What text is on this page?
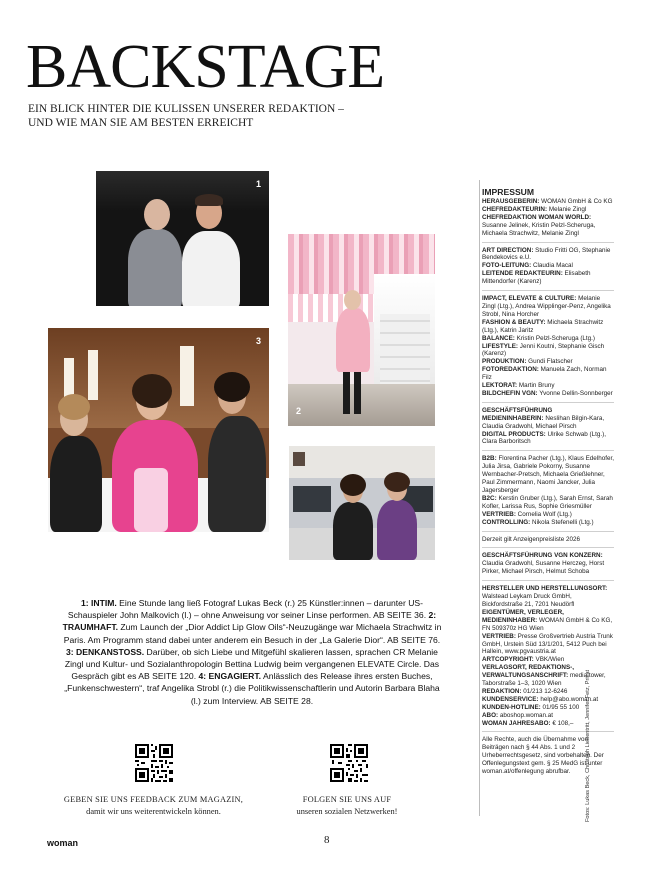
BACKSTAGE
EIN BLICK HINTER DIE KULISSEN UNSERER REDAKTION –
UND WIE MAN SIE AM BESTEN ERREICHT
1
2
3
1: INTIM. Eine Stunde lang ließ Fotograf Lukas Beck (r.) 25 Künstler:innen – darunter US-Schauspieler John Malkovich (l.) – ohne Anweisung vor seiner Linse performen. AB SEITE 36. 2: TRAUMHAFT. Zum Launch der „Dior Addict Lip Glow Oils“-Neuzugänge war Michaela Strachwitz in Paris. Am Programm stand dabei unter anderem ein Besuch in der „La Galerie Dior“. AB SEITE 76. 3: DENKANSTOSS. Darüber, ob sich Liebe und Mitgefühl skalieren lassen, sprachen CR Melanie Zingl und Kultur- und Sozialanthropologin Bettina Ludwig beim vergangenen ELEVATE Circle. Das Gespräch gibt es AB SEITE 120. 4: ENGAGIERT. Anlässlich des Release ihres ersten Buches, „Funkenschwestern“, traf Angelika Strobl (r.) die Politikwissenschaftlerin und Autorin Barbara Blaha (l.) zum Interview. AB SEITE 28.
GEBEN SIE UNS FEEDBACK ZUM MAGAZIN,
damit wir uns weiterentwickeln können.
FOLGEN SIE UNS AUF
unseren sozialen Netzwerken!
woman	8
IMPRESSUM
HERAUSGEBERIN: WOMAN GmbH & Co KG
CHEFREDAKTEURIN: Melanie Zingl
CHEFREDAKTION WOMAN WORLD: Susanne Jelinek, Kristin Pelzl-Scheruga, Michaela Strachwitz, Melanie Zingl
ART DIRECTION: Studio Fritti OG, Stephanie Bendekovics e.U.
FOTO-LEITUNG: Claudia Macal
LEITENDE REDAKTEURIN: Elisabeth Mittendorfer (Karenz)
IMPACT, ELEVATE & CULTURE: Melanie Zingl (Ltg.), Andrea Wipplinger-Penz, Angelika Strobl, Nina Horcher
FASHION & BEAUTY: Michaela Strachwitz (Ltg.), Katrin Jaritz
BALANCE: Kristin Pelzl-Scheruga (Ltg.)
LIFESTYLE: Jenni Koutni, Stephanie Gisch (Karenz)
PRODUKTION: Gundi Flatscher
FOTOREDAKTION: Manuela Zach, Norman Filz
LEKTORAT: Martin Bruny
BILDCHEFIN VGN: Yvonne Dellin-Sonnberger
GESCHÄFTSFÜHRUNG MEDIENINHABERIN: Neslihan Bilgin-Kara, Claudia Gradwohl, Michael Pirsch
DIGITAL PRODUCTS: Ulrike Schwab (Ltg.), Clara Barboritsch
B2B: Florentina Pacher (Ltg.), Klaus Edelhofer, Julia Jirsa, Gabriele Pokorny, Susanne Wernbacher-Pretsch, Michaela Grießlehner, Paul Zimmermann, Naomi Jancker, Julia Jagersberger
B2C: Kerstin Gruber (Ltg.), Sarah Ernst, Sarah Kofler, Larissa Rus, Sophie Griesmüller
VERTRIEB: Cornelia Wolf (Ltg.)
CONTROLLING: Nikola Stefenelli (Ltg.)
Derzeit gilt Anzeigenpreisliste 2026
GESCHÄFTSFÜHRUNG VGN KONZERN: Claudia Gradwohl, Susanne Herczeg, Horst Pirker, Michael Pirsch, Helmut Schoba
HERSTELLER UND HERSTELLUNGSORT: Walstead Leykam Druck GmbH, Bickfordstraße 21, 7201 Neudörfl
EIGENTÜMER, VERLEGER, MEDIENINHABER: WOMAN GmbH & Co KG, FN 509370z HG Wien
VERTRIEB: Presse Großvertrieb Austria Trunk GmbH, Urstein Süd 13/1/201, 5412 Puch bei Hallein, www.pgvaustria.at
ARTCOPYRIGHT: VBK/Wien
VERLAGSORT, REDAKTIONS-, VERWALTUNGSANSCHRIFT: media.tower, Taborstraße 1–3, 1020 Wien
REDAKTION: 01/213 12-6246
KUNDENSERVICE: help@abo.woman.at
KUNDEN-HOTLINE: 01/95 55 100
ABO: aboshop.woman.at
WOMAN JAHRESABO: € 108,–
Alle Rechte, auch die Übernahme von Beiträgen nach § 44 Abs. 1 und 2 Urheberrechtsgesetz, sind vorbehalten. Der Offenlegungstext gem. § 25 MedG ist unter woman.at/offenlegung abrufbar.	Fotos: Lukas Beck, Christoph Liebentritt, Jennifer Fetz, Privat
